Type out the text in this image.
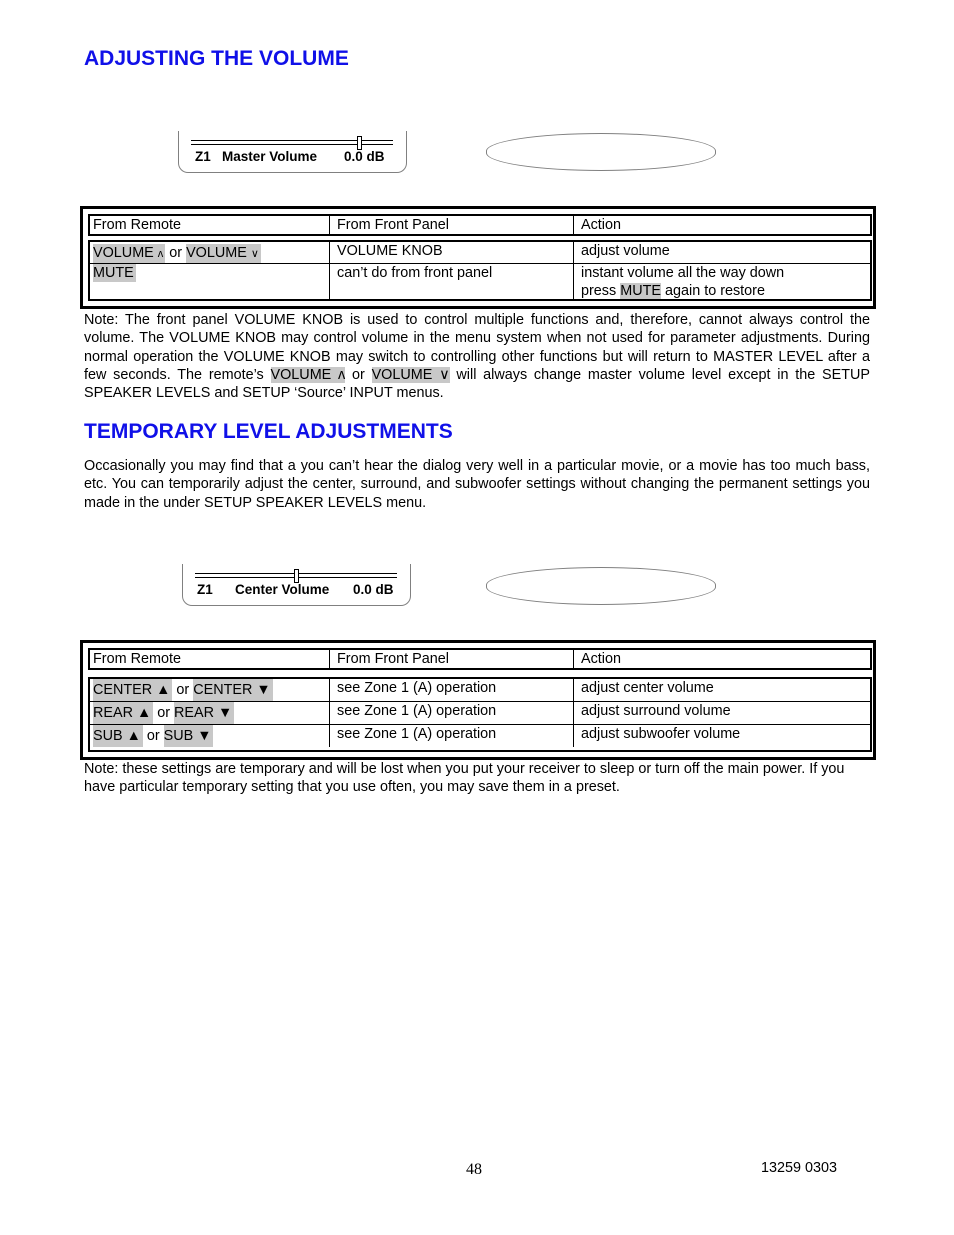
ADJUSTING THE VOLUME
Z1 Master Volume 0.0 dB
From Remote	From Front Panel	Action
VOLUME ʌ or VOLUME ∨	VOLUME KNOB	adjust volume
MUTE	can’t do from front panel	instant volume all the way down
press MUTE again to restore
Note: The front panel VOLUME KNOB is used to control multiple functions and, therefore, cannot always control the volume. The VOLUME KNOB may control volume in the menu system when not used for parameter adjustments. During normal operation the VOLUME KNOB may switch to controlling other functions but will return to MASTER LEVEL after a few seconds. The remote’s VOLUME ʌ or VOLUME ∨ will always change master volume level except in the SETUP SPEAKER LEVELS and SETUP ‘Source’ INPUT menus.
TEMPORARY LEVEL ADJUSTMENTS
Occasionally you may find that a you can’t hear the dialog very well in a particular movie, or a movie has too much bass, etc. You can temporarily adjust the center, surround, and subwoofer settings without changing the permanent settings you made in the under SETUP SPEAKER LEVELS menu.
Z1 Center Volume 0.0 dB
From Remote	From Front Panel	Action
CENTER ▲ or CENTER ▼	see Zone 1 (A) operation	adjust center volume
REAR ▲ or REAR ▼	see Zone 1 (A) operation	adjust surround volume
SUB ▲ or SUB ▼	see Zone 1 (A) operation	adjust subwoofer volume
Note: these settings are temporary and will be lost when you put your receiver to sleep or turn off the main power. If you have particular temporary setting that you use often, you may save them in a preset.
48	13259 0303
